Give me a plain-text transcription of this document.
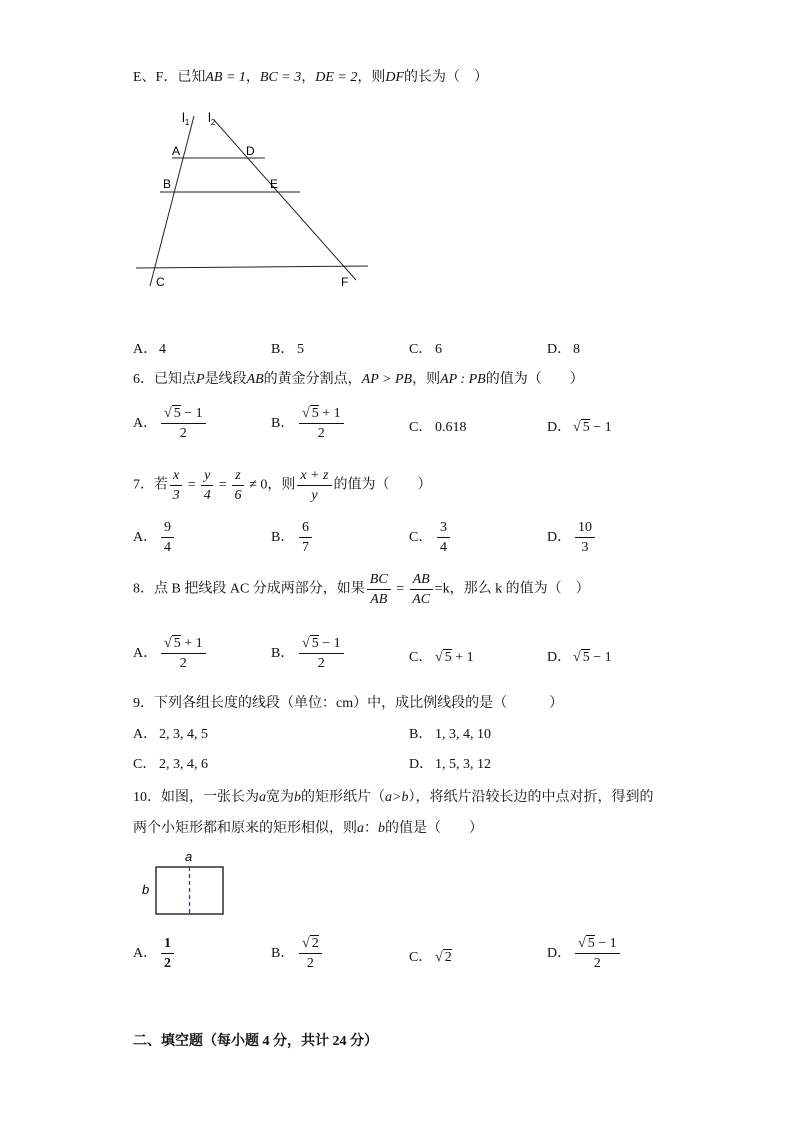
E、F．已知AB = 1，BC = 3，DE = 2，则DF的长为（　）
$l_1$ $l_2$
A	D
B	E
C	F
A． 4	B． 5	C． 6	D． 8
6．已知点P是线段AB的黄金分割点，AP > PB，则AP : PB的值为（　　）
A． $\frac{√ 5 - 1}{2}$	B． $\frac{√ 5 + 1}{2}$	C． 0.618	D． √ 5 − 1
7．若 $\frac{x}{3} = \frac{y}{4} = \frac{z}{6} \ne 0$，则 $\frac{x + z}{y}$ 的值为（　　）
A． $\frac{9}{4}$	B． $\frac{6}{7}$	C． $\frac{3}{4}$	D． $\frac{10}{3}$
8．点 B 把线段 AC 分成两部分，如果 $\frac{BC}{AB} = \frac{AB}{AC} =k$，那么 k 的值为（　）
A． $\frac{√ 5 + 1}{2}$	B． $\frac{√ 5 - 1}{2}$	C． √ 5 + 1	D． √ 5 − 1
9．下列各组长度的线段（单位：cm）中，成比例线段的是（　　　）
A． 2, 3, 4, 5	B． 1, 3, 4, 10
C． 2, 3, 4, 6	D． 1, 5, 3, 12
10．如图，一张长为a宽为b的矩形纸片（a>b），将纸片沿较长边的中点对折，得到的
两个小矩形都和原来的矩形相似，则a：b的值是（　　）
a
b
A． $\frac{1}{2}$	B． $\frac{√ 2}{2}$	C． √ 2	D． $\frac{√ 5 - 1}{2}$
二、填空题（每小题 4 分，共计 24 分）
